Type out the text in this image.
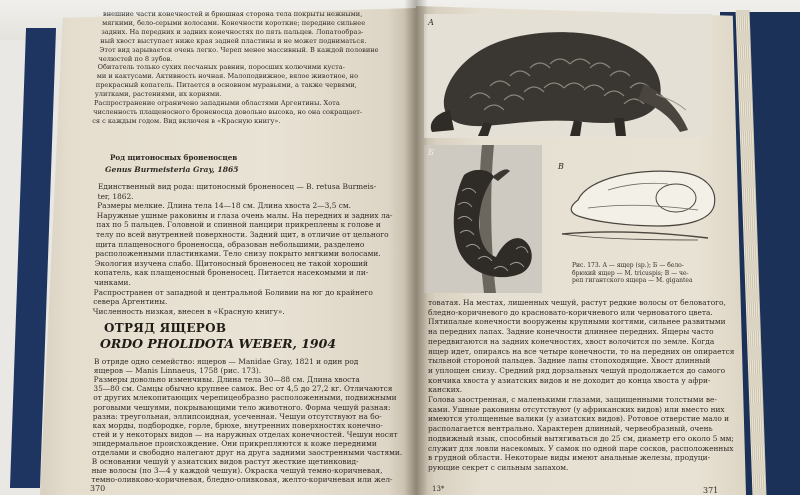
внешние части конечностей и брюшная сторона тела покрыты нежными,
мягкими, бело-серыми волосами. Конечности короткие; передние сильнее
задних. На передних и задних конечностях по пять пальцев. Лопатообраз-
ный хвост выступает ниже края задней пластины и не может подниматься.
Этот вид зарывается очень легко. Череп менее массивный. В каждой половине
челюстей по 8 зубов.
Обитатель только сухих песчаных равнин, поросших колючими куста-
ми и кактусами. Активность ночная. Малоподвижное, вялое животное, но
прекрасный копатель. Питается в основном муравьями, а также червями,
улитками, растениями, их корнями.
Распространение ограничено западными областями Аргентины. Хота
численность плащеносного броненосца довольно высока, но она сокращает-
ся с каждым годом. Вид включен в «Красную книгу».
Род щитоносных броненосцев
Genus Burmeisteria Gray, 1865
Единственный вид рода: щитоносный броненосец — B. retusa Burmeis-
ter, 1862.
Размеры мелкие. Длина тела 14—18 см. Длина хвоста 2—3,5 см.
Наружные ушные раковины и глаза очень малы. На передних и задних ла-
пах по 5 пальцев. Головной и спинной панцири прикреплены к голове и
телу по всей внутренней поверхности. Задний щит, в отличие от цельного
щита плащеносного броненосца, образован небольшими, разделено
расположенными пластинками. Тело снизу покрыто мягкими волосами.
Экология изучена слабо. Щитоносный броненосец не такой хороший
копатель, как плащеносный броненосец. Питается насекомыми и ли-
чинками.
Распространен от западной и центральной Боливии на юг до крайнего
севера Аргентины.
Численность низкая, внесен в «Красную книгу».
ОТРЯД ЯЩЕРОВ
ORDO PHOLIDOTA WEBER, 1904
В отряде одно семейство: ящеров — Manidae Gray, 1821 и один род
ящеров — Manis Linnaeus, 1758 (рис. 173).
Размеры довольно изменчивы. Длина тела 30—88 см. Длина хвоста
35—80 см. Самцы обычно крупнее самок. Вес от 4,5 до 27,2 кг. Отличаются
от других млекопитающих черепицеобразно расположенными, подвижными
роговыми чешуями, покрывающими тело животного. Форма чешуй разная:
разна: треугольная, эллипсоидная, усеченная. Чешуи отсутствуют на бо-
ках морды, подбородке, горле, брюхе, внутренних поверхностях конечно-
стей и у некоторых видов — на наружных отделах конечностей. Чешуи носят
эпидермальное происхождение. Они прикрепляются к коже передними
отделами и свободно налегают друг на друга задними заостренными частями.
В основании чешуй у азиатских видов растут жесткие щетинковид-
ные волосы (по 3—4 у каждой чешуи). Окраска чешуй темно-коричневая,
темно-оливково-коричневая, бледно-оливковая, желто-коричневая или жел-
370
А
Б
В
Рис. 173. А — ящер (sp.); Б — бело-
брюхий ящер — M. tricuspis; В — че-
реп гигантского ящера — M. gigantea
товатая. На местах, лишенных чешуй, растут редкие волосы от беловатого,
бледно-коричневого до красновато-коричневого или черноватого цвета.
Пятипалые конечности вооружены крупными когтями, сильнее развитыми
на передних лапах. Задние конечности длиннее передних. Ящеры часто
передвигаются на задних конечностях, хвост волочится по земле. Когда
ящер идет, опираясь на все четыре конечности, то на передних он опирается
тыльной стороной пальцев. Задние лапы стопоходящие. Хвост длинный
и уплощен снизу. Средний ряд дорзальных чешуй продолжается до самого
кончика хвоста у азиатских видов и не доходит до конца хвоста у афри-
канских.
Голова заостренная, с маленькими глазами, защищенными толстыми ве-
ками. Ушные раковины отсутствуют (у африканских видов) или вместо них
имеются утолщенные валики (у азиатских видов). Ротовое отверстие мало и
располагается вентрально. Характерен длинный, червеобразный, очень
подвижный язык, способный вытягиваться до 25 см, диаметр его около 5 мм;
служит для ловли насекомых. У самок по одной паре сосков, расположенных
в грудной области. Некоторые виды имеют анальные железы, продуци-
рующие секрет с сильным запахом.
13*	371
